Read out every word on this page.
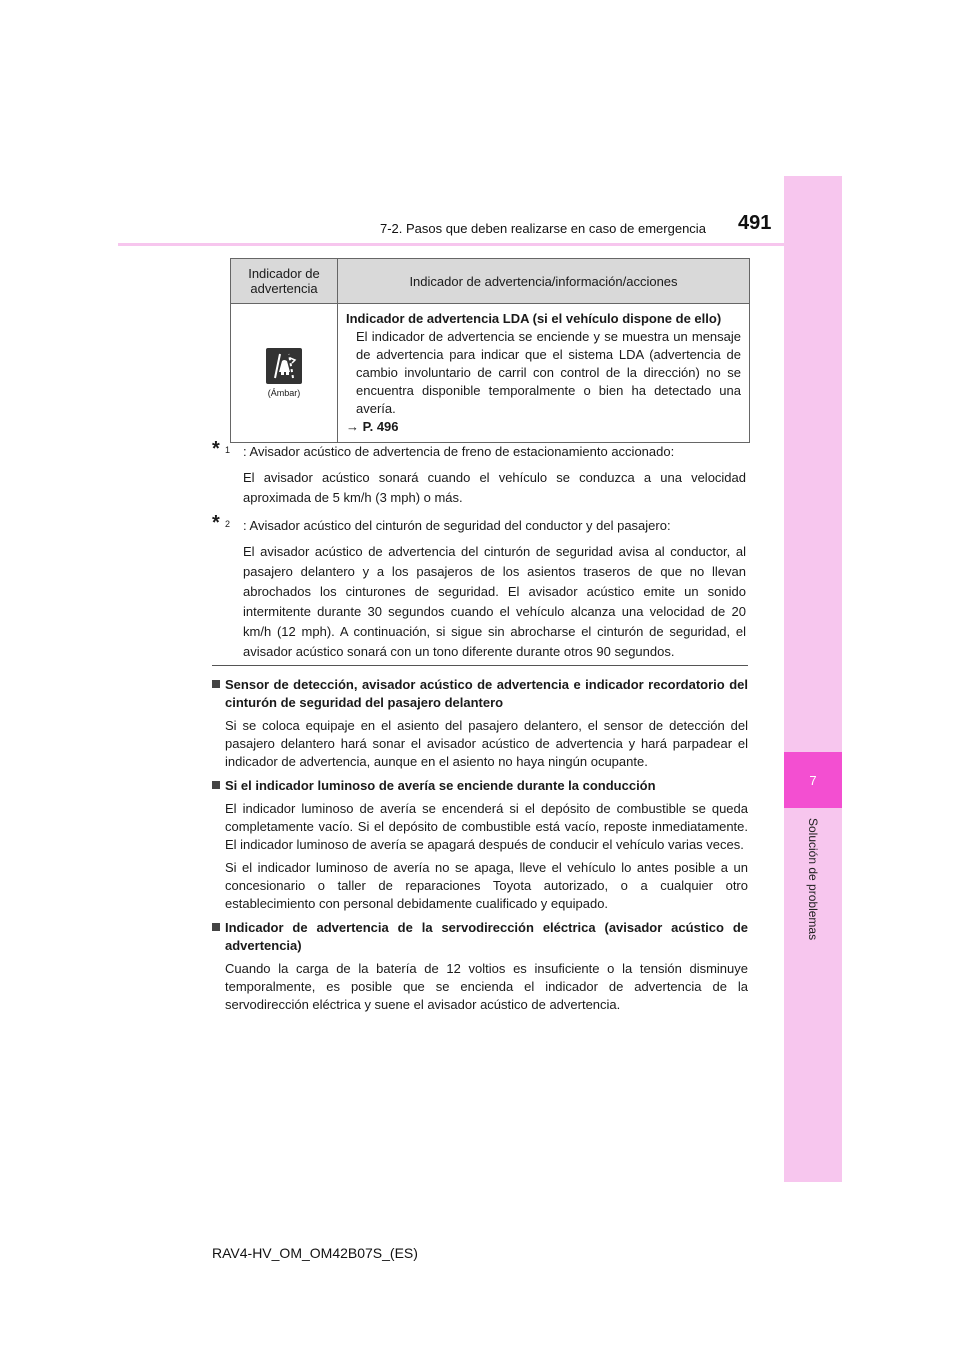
7
Solución de problemas
7-2. Pasos que deben realizarse en caso de emergencia 491
Indicador de advertencia	Indicador de advertencia/información/acciones

(Ámbar)	Indicador de advertencia LDA (si el vehículo dispone de ello)
El indicador de advertencia se enciende y se muestra un mensaje de advertencia para indicar que el sistema LDA (advertencia de cambio involuntario de carril con control de la dirección) no se encuentra disponible temporalmente o bien ha detectado una avería.
→ P. 496
* 1 : Avisador acústico de advertencia de freno de estacionamiento accionado:
El avisador acústico sonará cuando el vehículo se conduzca a una velocidad aproximada de 5 km/h (3 mph) o más.
* 2 : Avisador acústico del cinturón de seguridad del conductor y del pasajero:
El avisador acústico de advertencia del cinturón de seguridad avisa al conductor, al pasajero delantero y a los pasajeros de los asientos traseros de que no llevan abrochados los cinturones de seguridad. El avisador acústico emite un sonido intermitente durante 30 segundos cuando el vehículo alcanza una velocidad de 20 km/h (12 mph). A continuación, si sigue sin abrocharse el cinturón de seguridad, el avisador acústico sonará con un tono diferente durante otros 90 segundos.
Sensor de detección, avisador acústico de advertencia e indicador recordatorio del cinturón de seguridad del pasajero delantero
Si se coloca equipaje en el asiento del pasajero delantero, el sensor de detección del pasajero delantero hará sonar el avisador acústico de advertencia y hará parpadear el indicador de advertencia, aunque en el asiento no haya ningún ocupante.
Si el indicador luminoso de avería se enciende durante la conducción
El indicador luminoso de avería se encenderá si el depósito de combustible se queda completamente vacío. Si el depósito de combustible está vacío, reposte inmediatamente. El indicador luminoso de avería se apagará después de conducir el vehículo varias veces.
Si el indicador luminoso de avería no se apaga, lleve el vehículo lo antes posible a un concesionario o taller de reparaciones Toyota autorizado, o a cualquier otro establecimiento con personal debidamente cualificado y equipado.
Indicador de advertencia de la servodirección eléctrica (avisador acústico de advertencia)
Cuando la carga de la batería de 12 voltios es insuficiente o la tensión disminuye temporalmente, es posible que se encienda el indicador de advertencia de la servodirección eléctrica y suene el avisador acústico de advertencia.
RAV4-HV_OM_OM42B07S_(ES)
